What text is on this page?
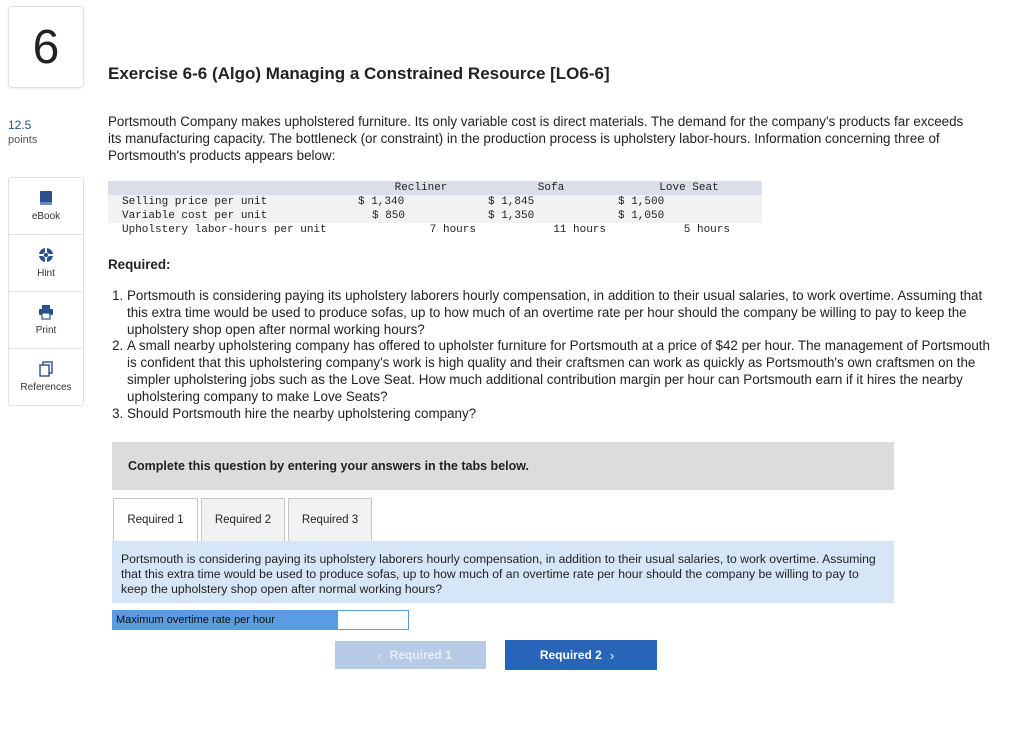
6
12.5
points
eBook
Hint
Print
References
Exercise 6-6 (Algo) Managing a Constrained Resource [LO6-6]
Portsmouth Company makes upholstered furniture. Its only variable cost is direct materials. The demand for the company's products far exceeds its manufacturing capacity. The bottleneck (or constraint) in the production process is upholstery labor-hours. Information concerning three of Portsmouth's products appears below:
	Recliner	Sofa	Love Seat
Selling price per unit	$ 1,340	$ 1,845	$ 1,500
Variable cost per unit	$ 850	$ 1,350	$ 1,050
Upholstery labor-hours per unit	7 hours	11 hours	5 hours
Required:
1. Portsmouth is considering paying its upholstery laborers hourly compensation, in addition to their usual salaries, to work overtime. Assuming that this extra time would be used to produce sofas, up to how much of an overtime rate per hour should the company be willing to pay to keep the upholstery shop open after normal working hours?
2. A small nearby upholstering company has offered to upholster furniture for Portsmouth at a price of $42 per hour. The management of Portsmouth is confident that this upholstering company's work is high quality and their craftsmen can work as quickly as Portsmouth's own craftsmen on the simpler upholstering jobs such as the Love Seat. How much additional contribution margin per hour can Portsmouth earn if it hires the nearby upholstering company to make Love Seats?
3. Should Portsmouth hire the nearby upholstering company?
Complete this question by entering your answers in the tabs below.
Required 1	Required 2	Required 3
Portsmouth is considering paying its upholstery laborers hourly compensation, in addition to their usual salaries, to work overtime. Assuming that this extra time would be used to produce sofas, up to how much of an overtime rate per hour should the company be willing to pay to keep the upholstery shop open after normal working hours?
Maximum overtime rate per hour
‹ Required 1	Required 2 ›
